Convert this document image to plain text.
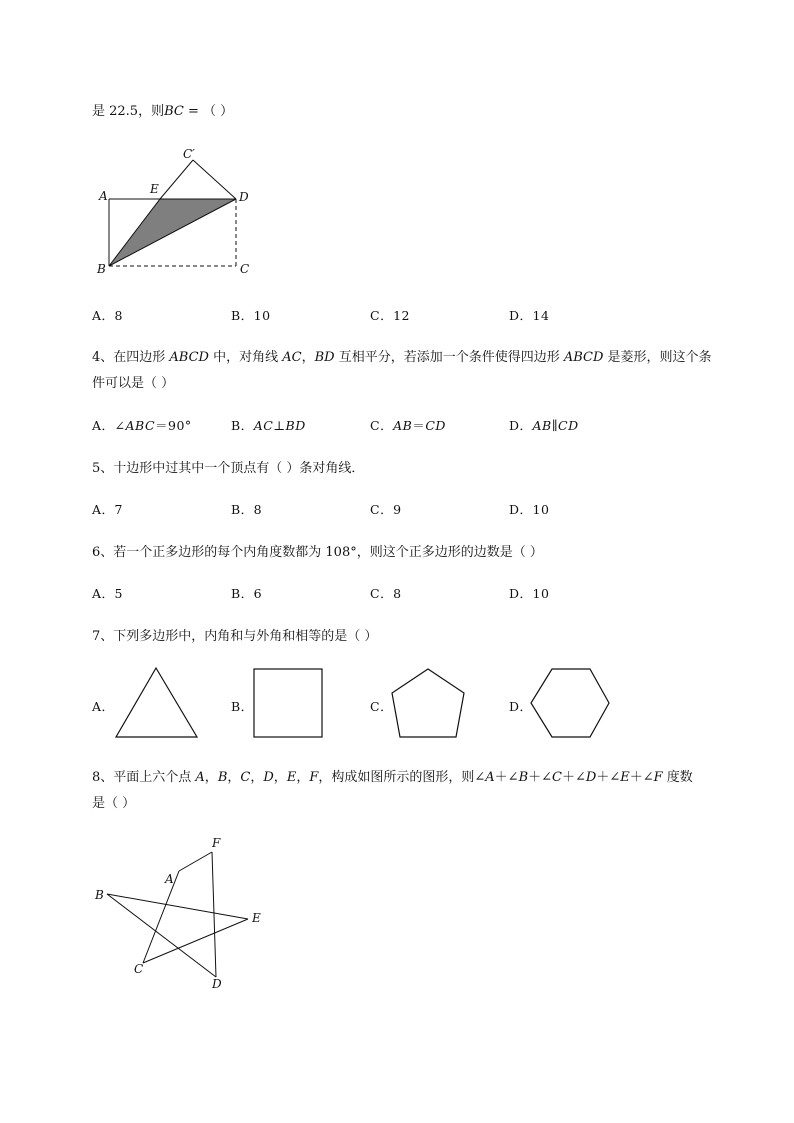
是 22.5，则BC = （ ）
A
B	C
D
E
C′
A．8	B．10	C．12	D．14
4、在四边形 ABCD 中，对角线 AC，BD 互相平分，若添加一个条件使得四边形 ABCD 是菱形，则这个条
件可以是（ ）
A．∠ABC＝90°	B．AC⊥BD	C．AB＝CD	D．AB∥CD
5、十边形中过其中一个顶点有（ ）条对角线．
A．7	B．8	C．9	D．10
6、若一个正多边形的每个内角度数都为 108°，则这个正多边形的边数是（ ）
A．5	B．6	C．8	D．10
7、下列多边形中，内角和与外角和相等的是（ ）
A．	B．	C．	D．
8、平面上六个点 A，B，C，D，E，F，构成如图所示的图形，则∠A＋∠B＋∠C＋∠D＋∠E＋∠F 度数
是（ ）
A
B
C
D
E
F
